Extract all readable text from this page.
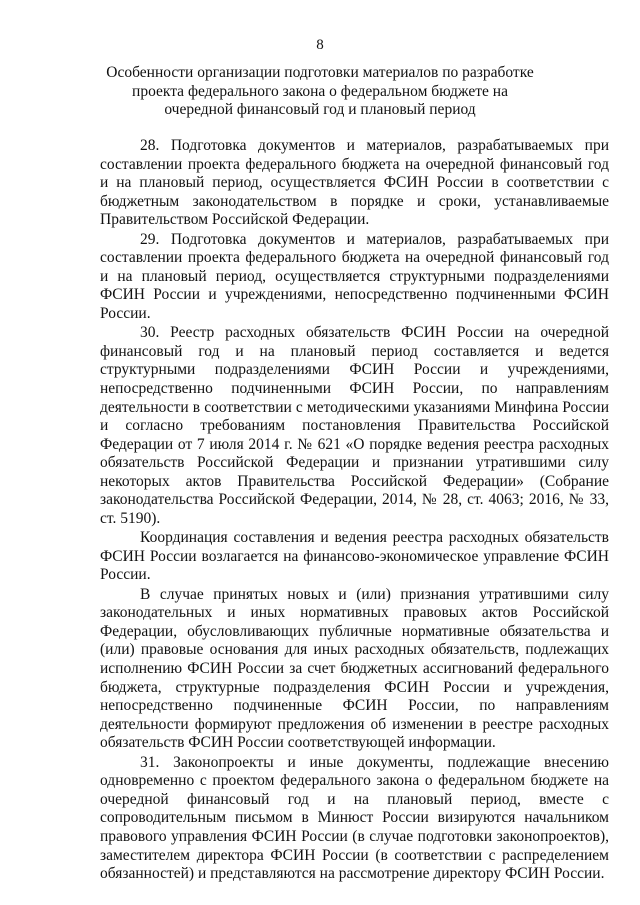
8
Особенности организации подготовки материалов по разработке проекта федерального закона о федеральном бюджете на очередной финансовый год и плановый период

28. Подготовка документов и материалов, разрабатываемых при составлении проекта федерального бюджета на очередной финансовый год и на плановый период, осуществляется ФСИН России в соответствии с бюджетным законодательством в порядке и сроки, устанавливаемые Правительством Российской Федерации.

29. Подготовка документов и материалов, разрабатываемых при составлении проекта федерального бюджета на очередной финансовый год и на плановый период, осуществляется структурными подразделениями ФСИН России и учреждениями, непосредственно подчиненными ФСИН России.

30. Реестр расходных обязательств ФСИН России на очередной финансовый год и на плановый период составляется и ведется структурными подразделениями ФСИН России и учреждениями, непосредственно подчиненными ФСИН России, по направлениям деятельности в соответствии с методическими указаниями Минфина России и согласно требованиям постановления Правительства Российской Федерации от 7 июля 2014 г. № 621 «О порядке ведения реестра расходных обязательств Российской Федерации и признании утратившими силу некоторых актов Правительства Российской Федерации» (Собрание законодательства Российской Федерации, 2014, № 28, ст. 4063; 2016, № 33, ст. 5190).

Координация составления и ведения реестра расходных обязательств ФСИН России возлагается на финансово-экономическое управление ФСИН России.

В случае принятых новых и (или) признания утратившими силу законодательных и иных нормативных правовых актов Российской Федерации, обусловливающих публичные нормативные обязательства и (или) правовые основания для иных расходных обязательств, подлежащих исполнению ФСИН России за счет бюджетных ассигнований федерального бюджета, структурные подразделения ФСИН России и учреждения, непосредственно подчиненные ФСИН России, по направлениям деятельности формируют предложения об изменении в реестре расходных обязательств ФСИН России соответствующей информации.

31. Законопроекты и иные документы, подлежащие внесению одновременно с проектом федерального закона о федеральном бюджете на очередной финансовый год и на плановый период, вместе с сопроводительным письмом в Минюст России визируются начальником правового управления ФСИН России (в случае подготовки законопроектов), заместителем директора ФСИН России (в соответствии с распределением обязанностей) и представляются на рассмотрение директору ФСИН России.
